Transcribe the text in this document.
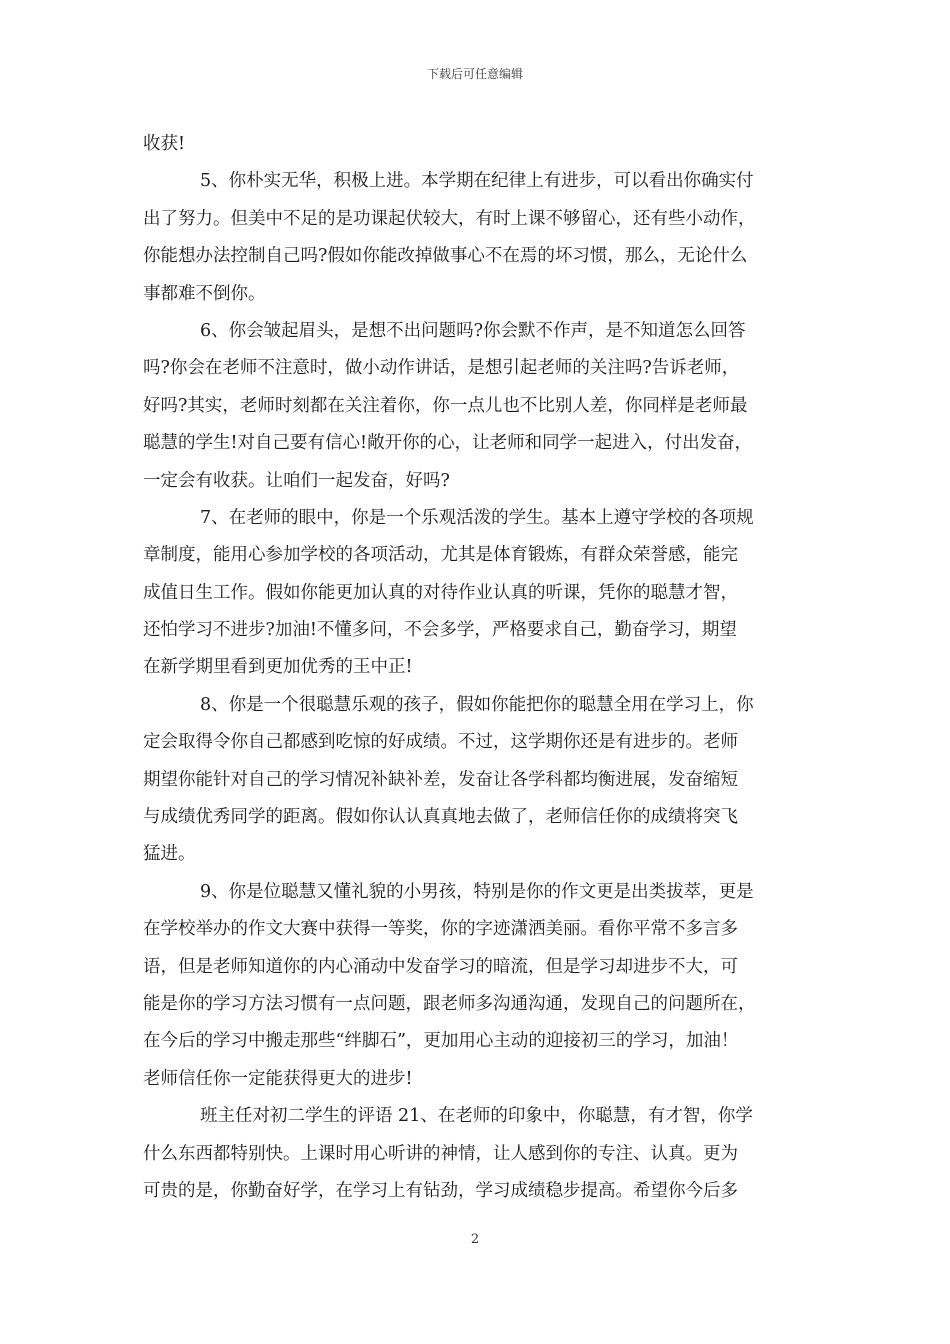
下载后可任意编辑
收获!
5、你朴实无华，积极上进。本学期在纪律上有进步，可以看出你确实付
出了努力。但美中不足的是功课起伏较大，有时上课不够留心，还有些小动作，
你能想办法控制自己吗?假如你能改掉做事心不在焉的坏习惯，那么，无论什么
事都难不倒你。
6、你会皱起眉头，是想不出问题吗?你会默不作声，是不知道怎么回答
吗?你会在老师不注意时，做小动作讲话，是想引起老师的关注吗?告诉老师，
好吗?其实，老师时刻都在关注着你，你一点儿也不比别人差，你同样是老师最
聪慧的学生!对自己要有信心!敞开你的心，让老师和同学一起进入，付出发奋，
一定会有收获。让咱们一起发奋，好吗?
7、在老师的眼中，你是一个乐观活泼的学生。基本上遵守学校的各项规
章制度，能用心参加学校的各项活动，尤其是体育锻炼，有群众荣誉感，能完
成值日生工作。假如你能更加认真的对待作业认真的听课，凭你的聪慧才智，
还怕学习不进步?加油!不懂多问，不会多学，严格要求自己，勤奋学习，期望
在新学期里看到更加优秀的王中正!
8、你是一个很聪慧乐观的孩子，假如你能把你的聪慧全用在学习上，你
定会取得令你自己都感到吃惊的好成绩。不过，这学期你还是有进步的。老师
期望你能针对自己的学习情况补缺补差，发奋让各学科都均衡进展，发奋缩短
与成绩优秀同学的距离。假如你认认真真地去做了，老师信任你的成绩将突飞
猛进。
9、你是位聪慧又懂礼貌的小男孩，特别是你的作文更是出类拔萃，更是
在学校举办的作文大赛中获得一等奖，你的字迹潇洒美丽。看你平常不多言多
语，但是老师知道你的内心涌动中发奋学习的暗流，但是学习却进步不大，可
能是你的学习方法习惯有一点问题，跟老师多沟通沟通，发现自己的问题所在，
在今后的学习中搬走那些“绊脚石”，更加用心主动的迎接初三的学习，加油！
老师信任你一定能获得更大的进步!
班主任对初二学生的评语 21、在老师的印象中，你聪慧，有才智，你学
什么东西都特别快。上课时用心听讲的神情，让人感到你的专注、认真。更为
可贵的是，你勤奋好学，在学习上有钻劲，学习成绩稳步提高。希望你今后多
2
